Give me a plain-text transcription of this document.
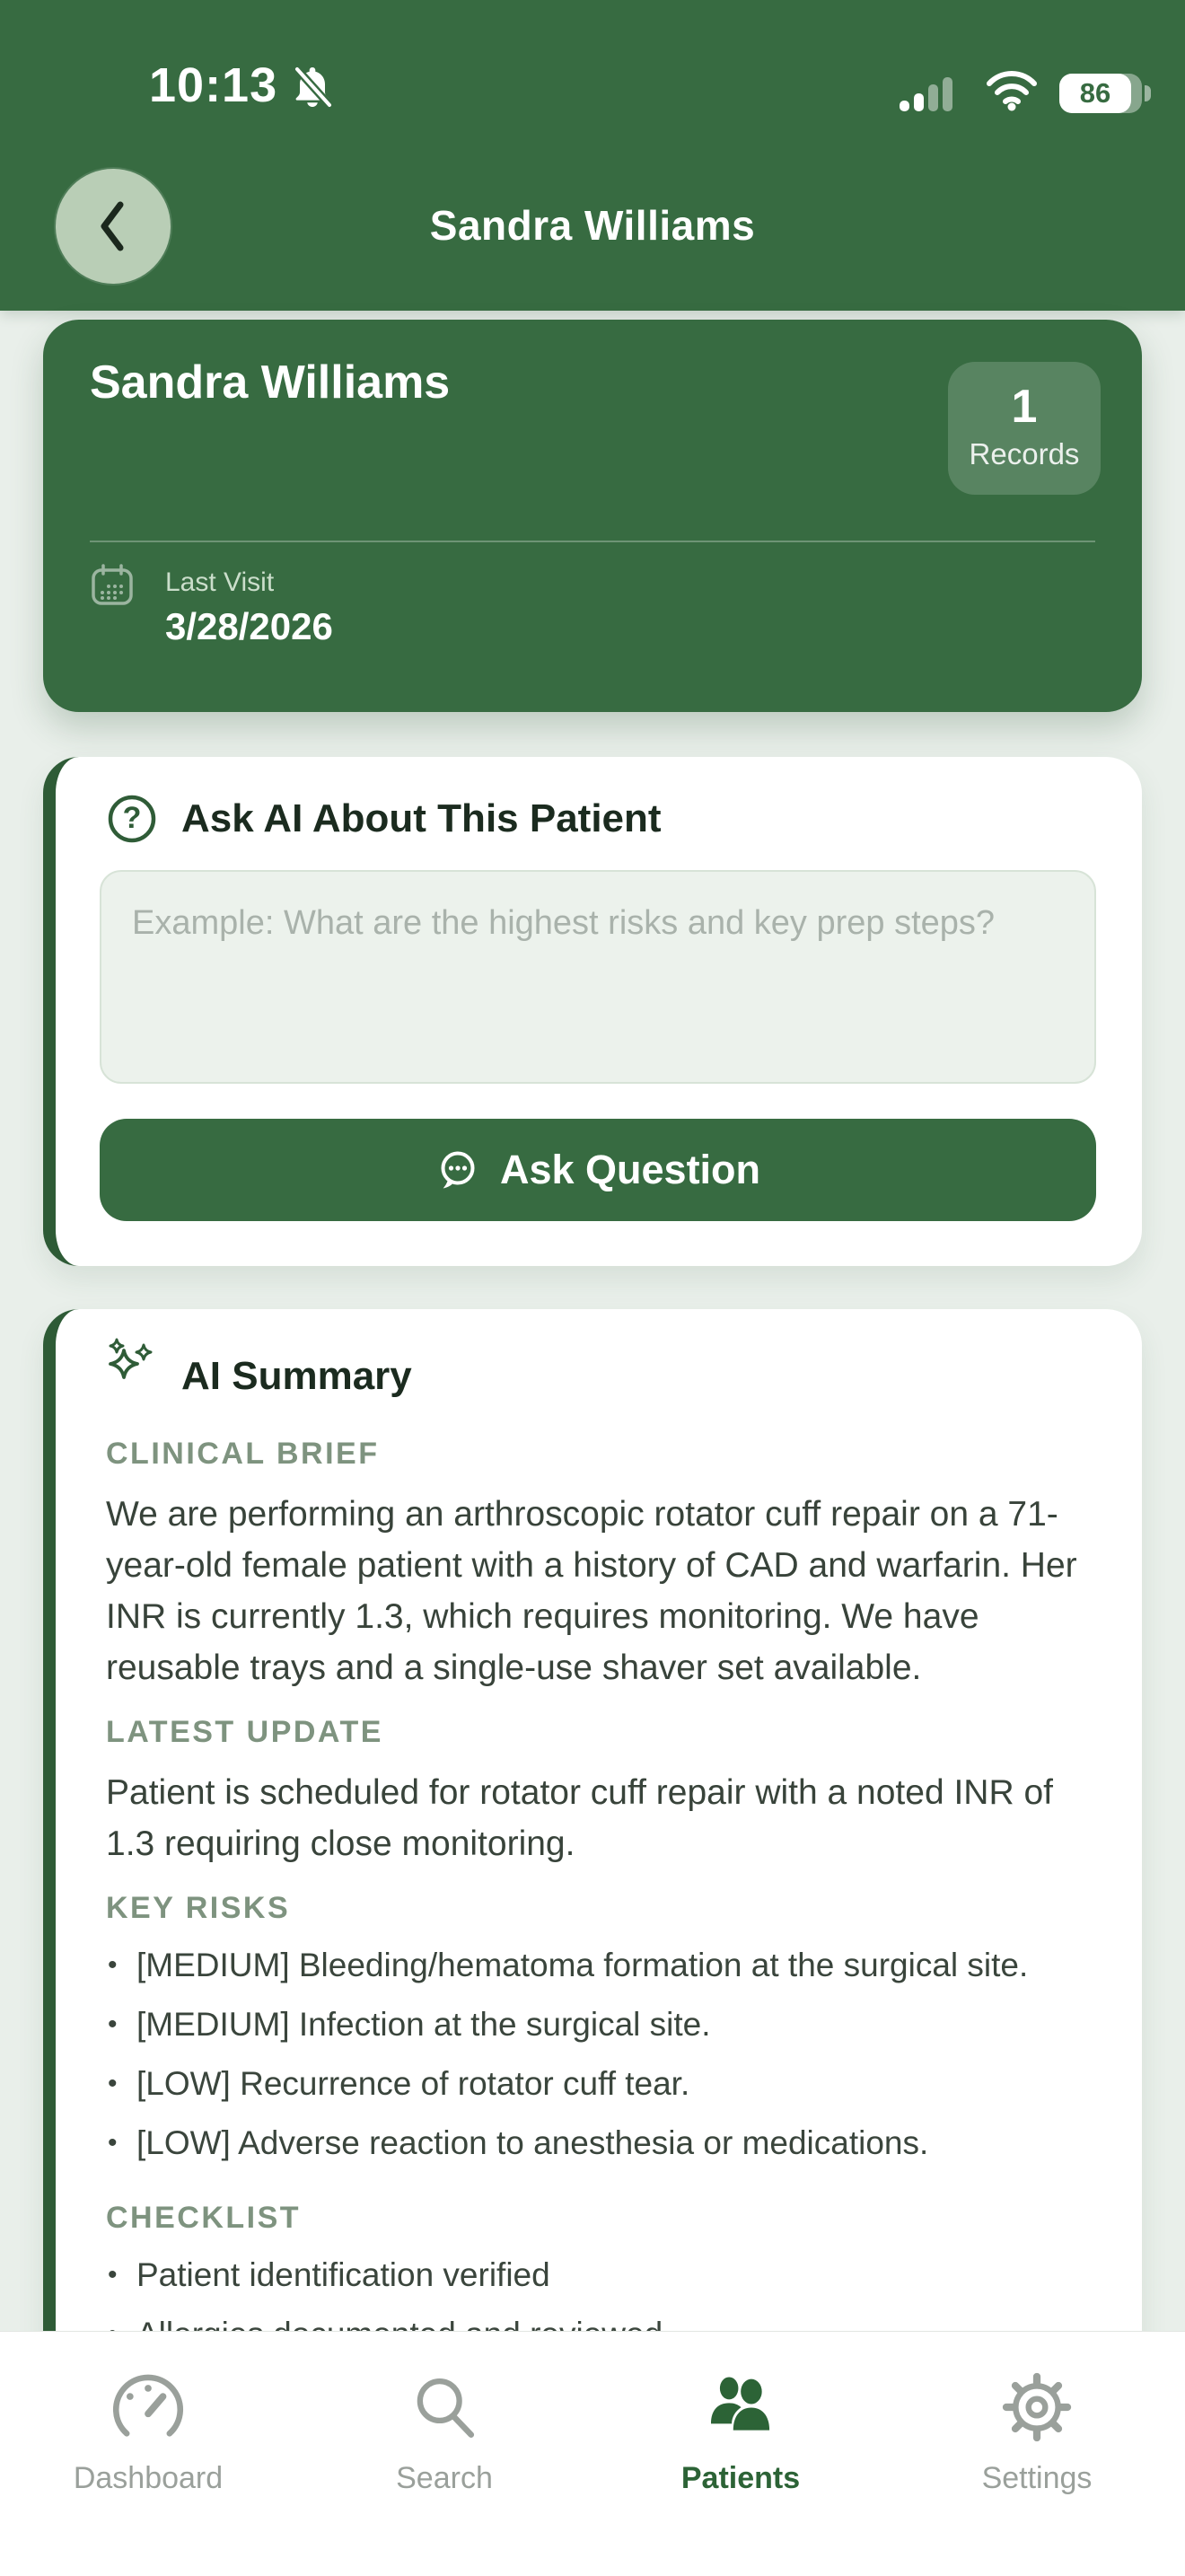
10:13	86
Sandra Williams
Sandra Williams	1
Records
Last Visit
3/28/2026
? Ask AI About This Patient
Example: What are the highest risks and key prep steps?
Ask Question
AI Summary
CLINICAL BRIEF
We are performing an arthroscopic rotator cuff repair on a 71-year-old female patient with a history of CAD and warfarin. Her INR is currently 1.3, which requires monitoring. We have reusable trays and a single-use shaver set available.
LATEST UPDATE
Patient is scheduled for rotator cuff repair with a noted INR of 1.3 requiring close monitoring.
KEY RISKS
• [MEDIUM] Bleeding/hematoma formation at the surgical site.
• [MEDIUM] Infection at the surgical site.
• [LOW] Recurrence of rotator cuff tear.
• [LOW] Adverse reaction to anesthesia or medications.
CHECKLIST
• Patient identification verified
•
Dashboard	Search	Patients	Settings
